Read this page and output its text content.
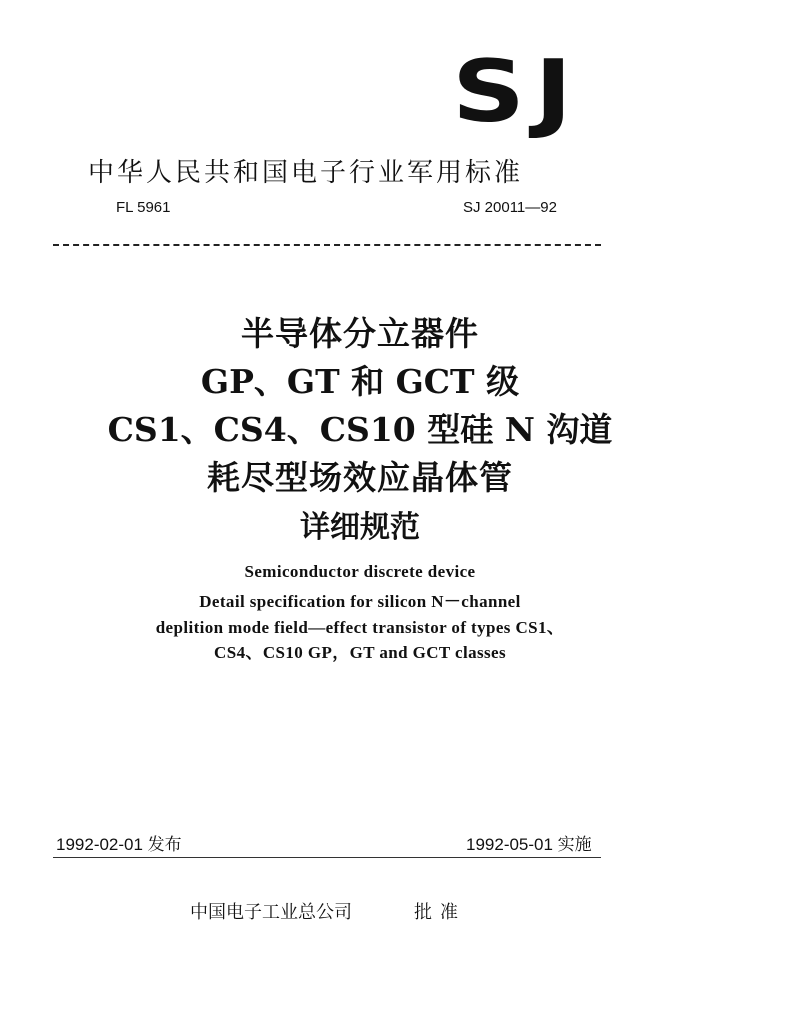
SJ
中华人民共和国电子行业军用标准
FL 5961	SJ 20011—92
半导体分立器件
GP、GT 和 GCT 级
CS1、CS4、CS10 型硅 N 沟道
耗尽型场效应晶体管
详细规范
Semiconductor discrete device
Detail specification for silicon N－channel
deplition mode field—effect transistor of types CS1、
CS4、CS10 GP，GT and GCT classes
1992-02-01 发布	1992-05-01 实施
中国电子工业总公司	批准
